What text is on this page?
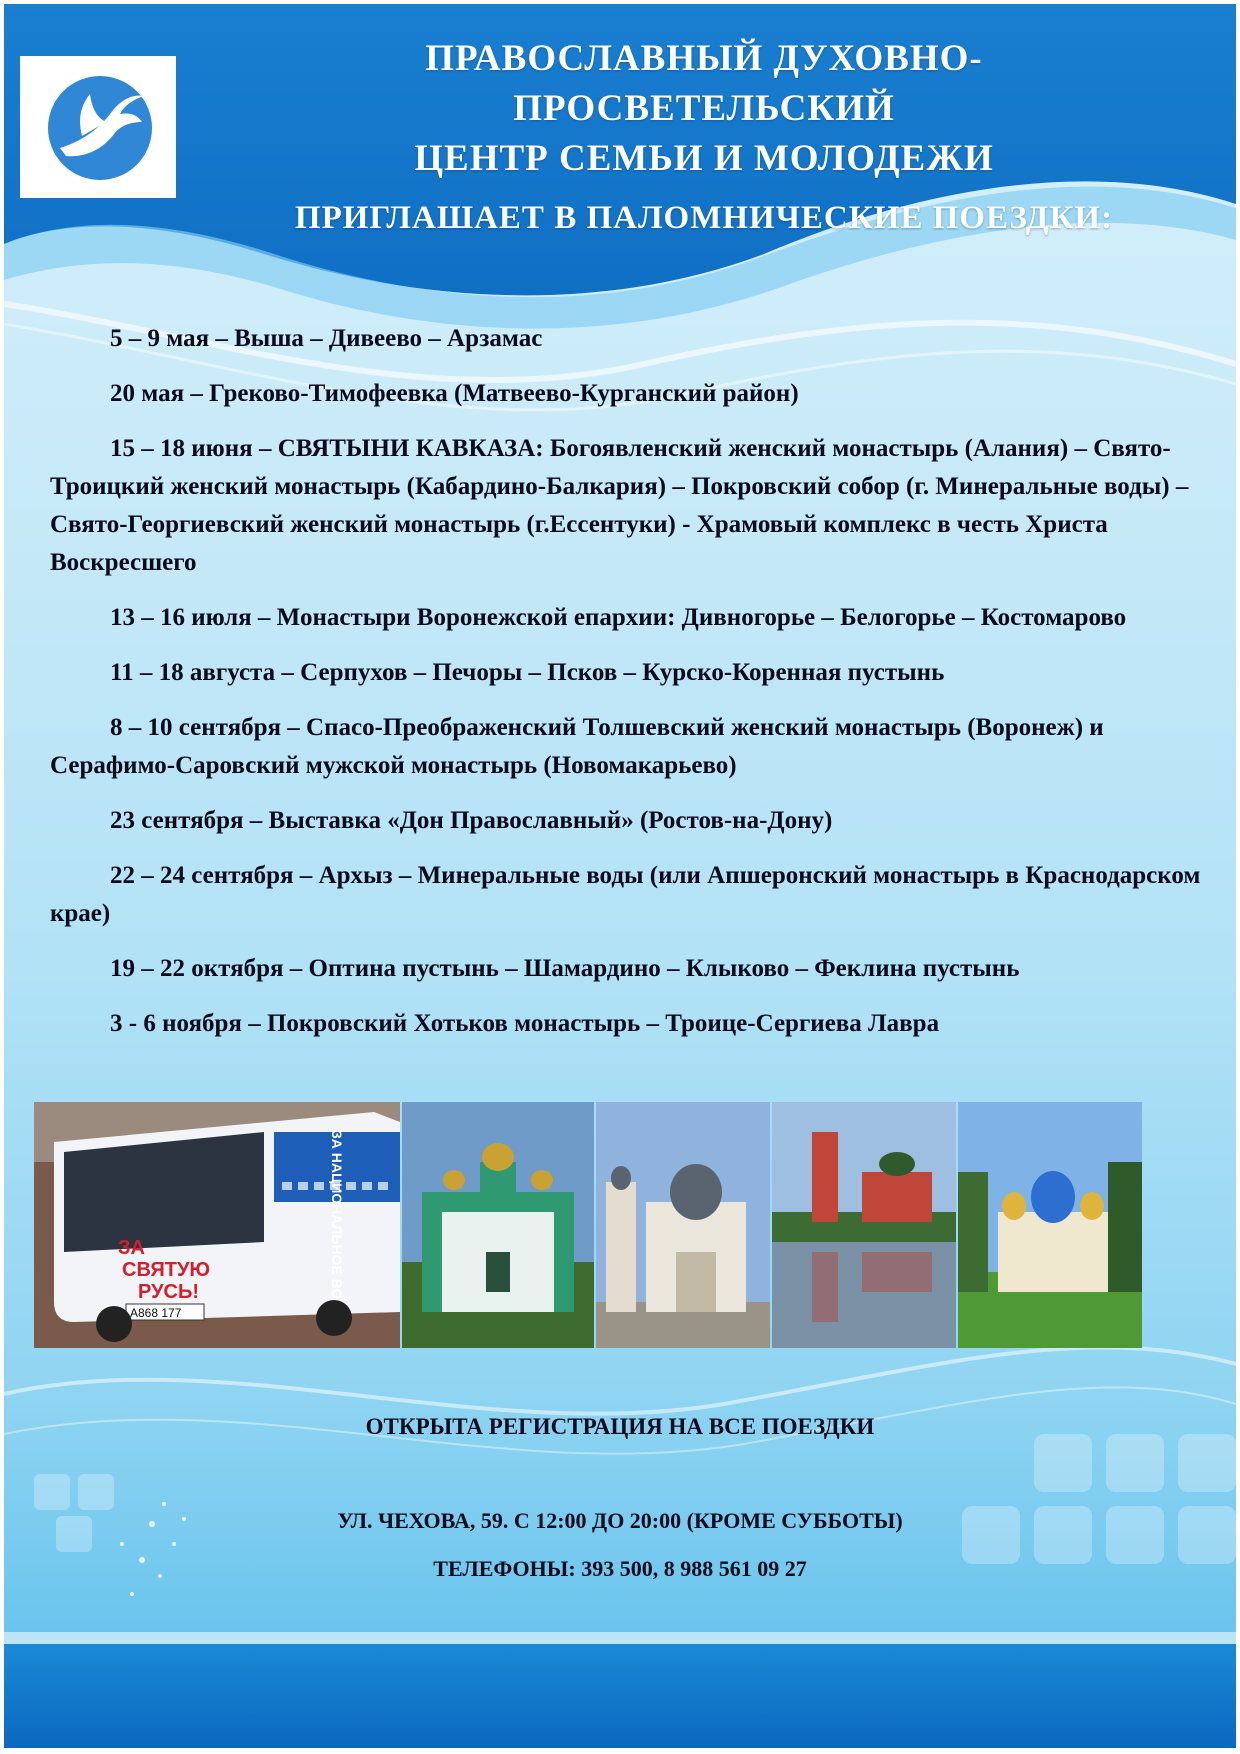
ПРАВОСЛАВНЫЙ ДУХОВНО-ПРОСВЕТЕЛЬСКИЙ
ЦЕНТР СЕМЬИ И МОЛОДЕЖИ
ПРИГЛАШАЕТ В ПАЛОМНИЧЕСКИЕ ПОЕЗДКИ:

5 – 9 мая – Выша – Дивеево – Арзамас

20 мая – Греково-Тимофеевка (Матвеево-Курганский район)

15 – 18 июня – СВЯТЫНИ КАВКАЗА: Богоявленский женский монастырь (Алания) – Свято-Троицкий женский монастырь (Кабардино-Балкария) – Покровский собор (г. Минеральные воды) – Свято-Георгиевский женский монастырь (г.Ессентуки) - Храмовый комплекс в честь Христа Воскресшего

13 – 16 июля – Монастыри Воронежской епархии: Дивногорье – Белогорье – Костомарово

11 – 18 августа – Серпухов – Печоры – Псков – Курско-Коренная пустынь

8 – 10 сентября – Спасо-Преображенский Толшевский женский монастырь (Воронеж) и Серафимо-Саровский мужской монастырь (Новомакарьево)

23 сентября – Выставка «Дон Православный» (Ростов-на-Дону)

22 – 24 сентября – Архыз – Минеральные воды (или Апшеронский монастырь в Краснодарском крае)

19 – 22 октября – Оптина пустынь – Шамардино – Клыково – Феклина пустынь

3 - 6 ноября – Покровский Хотьков монастырь – Троице-Сергиева Лавра

ЗА НАЦИОНАЛЬНОЕ ВО
ЗА
СВЯТУЮ
РУСЬ!
А868 177
ОТКРЫТА РЕГИСТРАЦИЯ НА ВСЕ ПОЕЗДКИ
УЛ. ЧЕХОВА, 59. С 12:00 ДО 20:00 (КРОМЕ СУББОТЫ)
ТЕЛЕФОНЫ: 393 500, 8 988 561 09 27
